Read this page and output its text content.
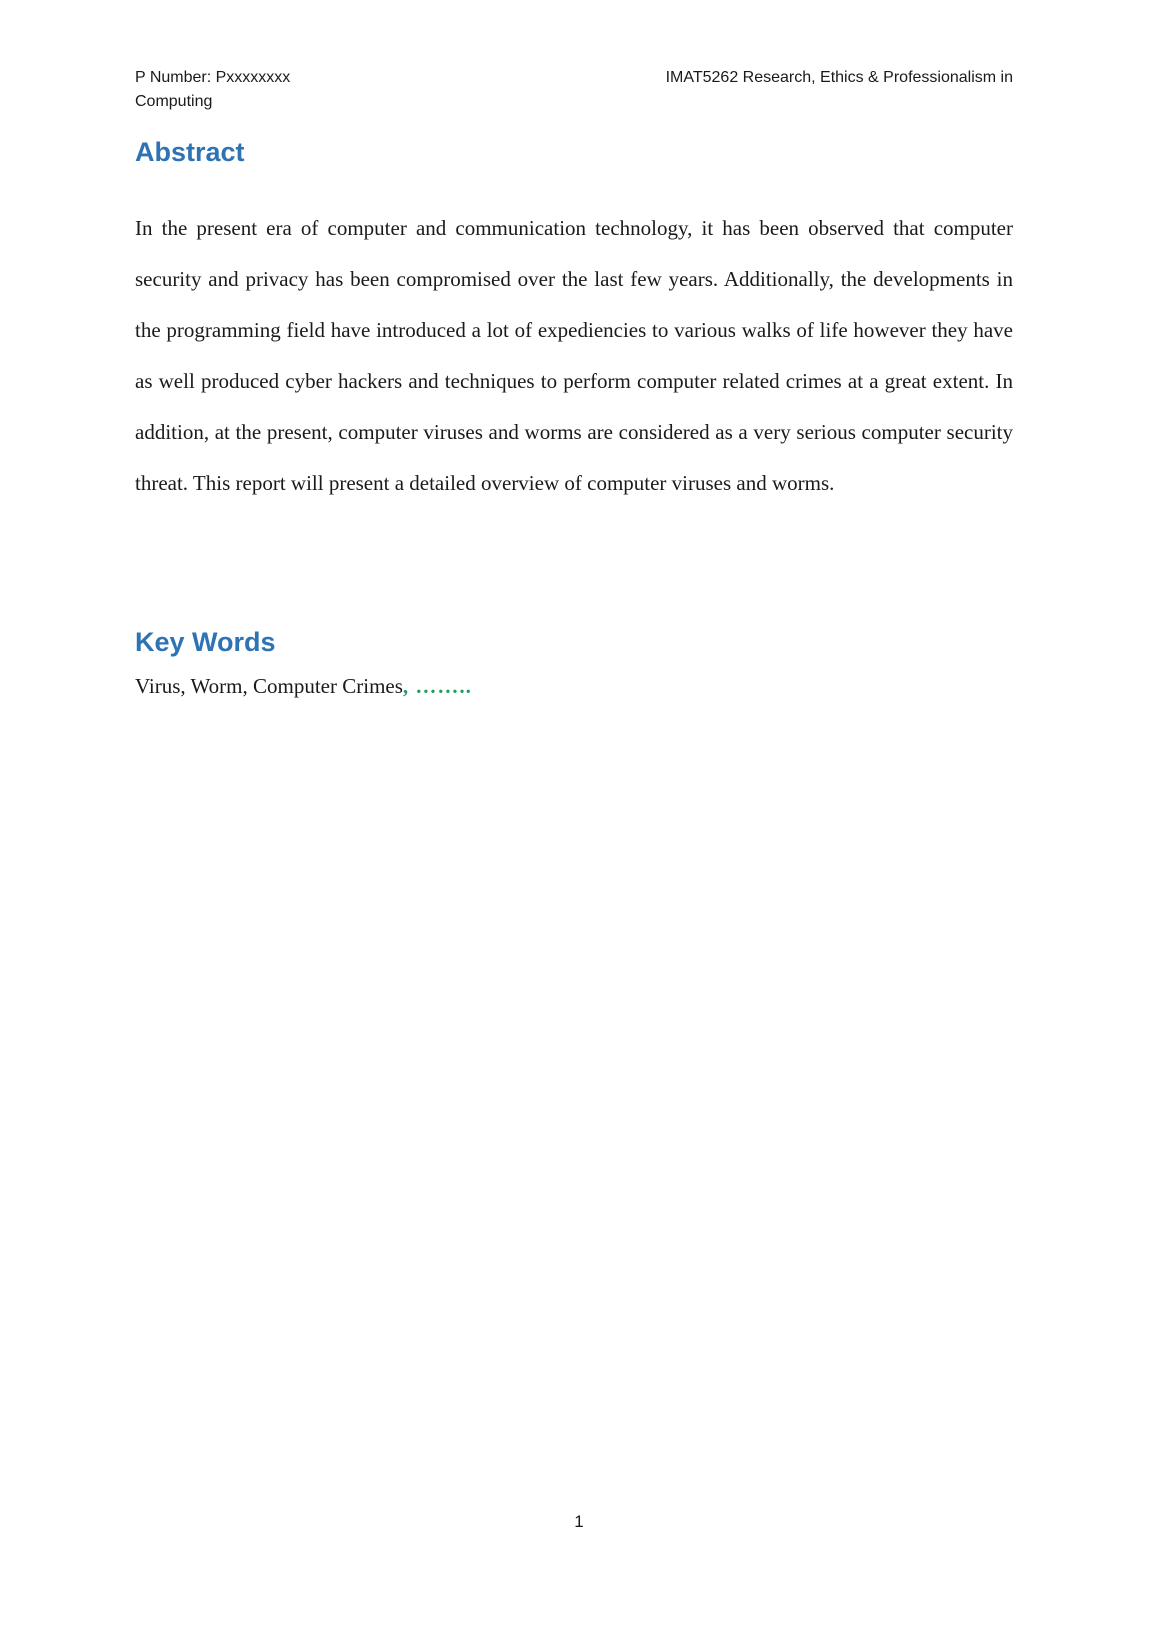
P Number: Pxxxxxxxx	IMAT5262 Research, Ethics & Professionalism in
Computing
Abstract

In the present era of computer and communication technology, it has been observed that computer security and privacy has been compromised over the last few years. Additionally, the developments in the programming field have introduced a lot of expediencies to various walks of life however they have as well produced cyber hackers and techniques to perform computer related crimes at a great extent. In addition, at the present, computer viruses and worms are considered as a very serious computer security threat. This report will present a detailed overview of computer viruses and worms.

Key Words

Virus, Worm, Computer Crimes, ……..

1
